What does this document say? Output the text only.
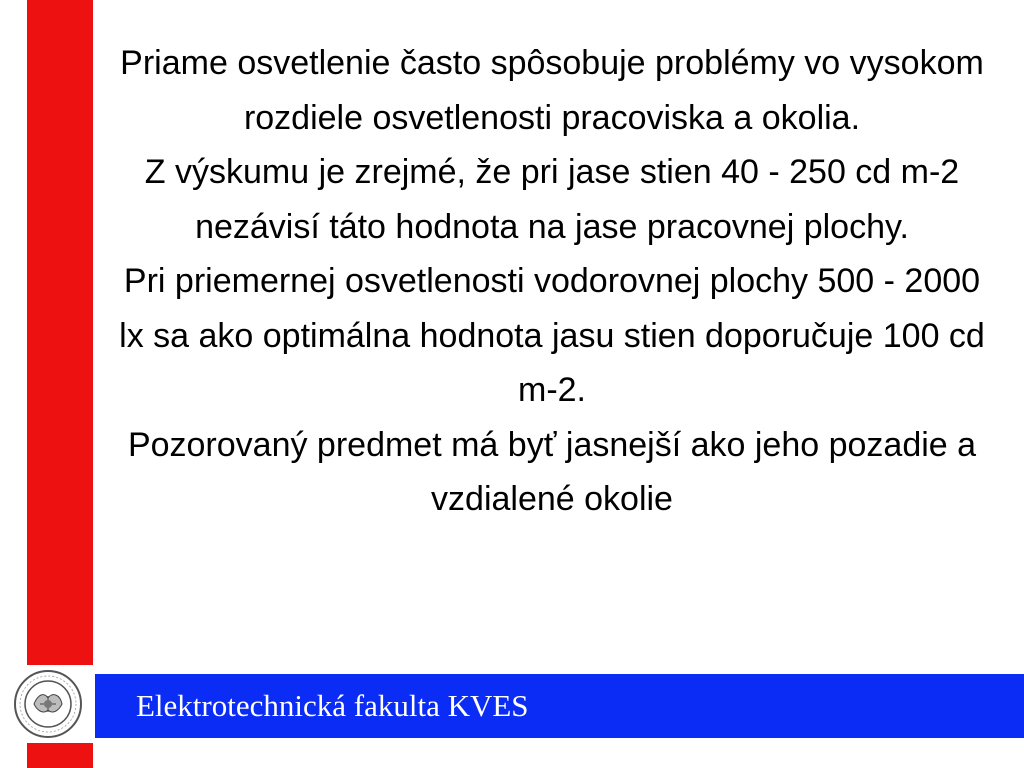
Priame osvetlenie často spôsobuje problémy vo vysokom rozdiele osvetlenosti pracoviska a okolia.

Z výskumu je zrejmé, že pri jase stien 40 - 250 cd m-2 nezávisí táto hodnota na jase pracovnej plochy.

Pri priemernej osvetlenosti vodorovnej plochy 500 - 2000 lx sa ako optimálna hodnota jasu stien doporučuje 100 cd m-2.

Pozorovaný predmet má byť jasnejší ako jeho pozadie a vzdialené okolie

Elektrotechnická fakulta KVES
